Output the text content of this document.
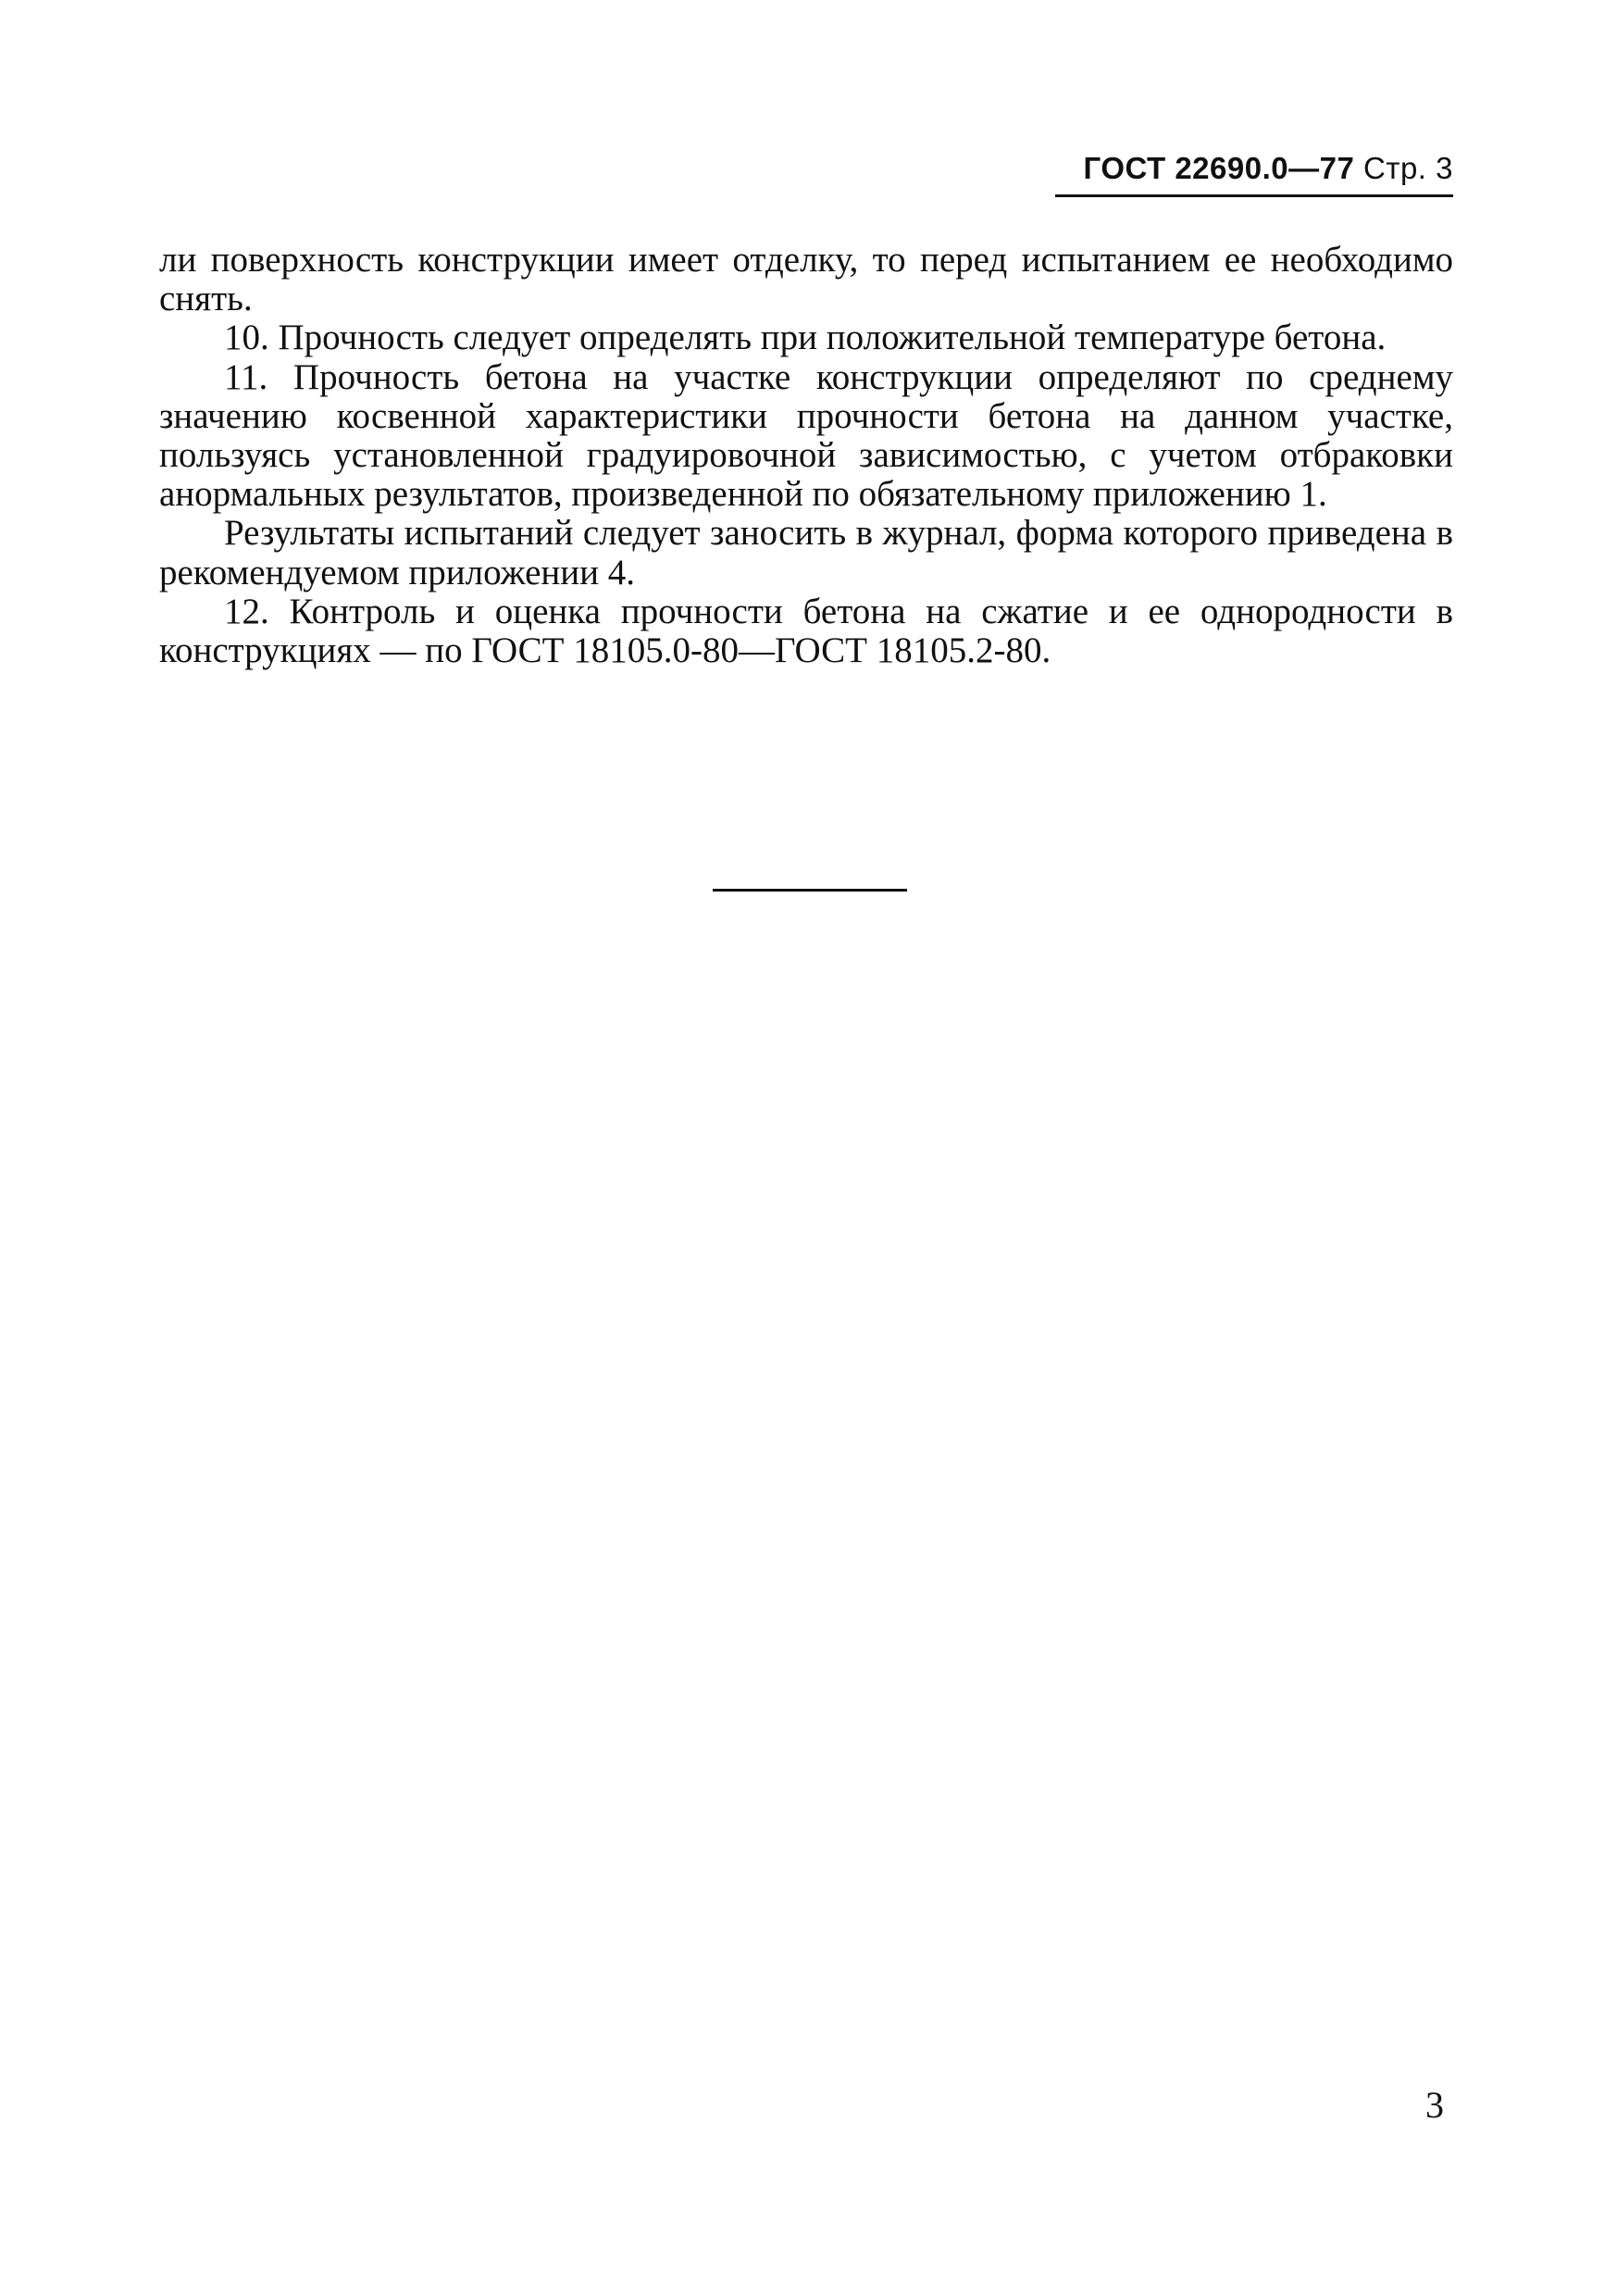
ГОСТ 22690.0—77 Стр. 3

ли поверхность конструкции имеет отделку, то перед испытанием ее необходимо снять.

10. Прочность следует определять при положительной температуре бетона.

11. Прочность бетона на участке конструкции определяют по среднему значению косвенной характеристики прочности бетона на данном участке, пользуясь установленной градуировочной зависимостью, с учетом отбраковки анормальных результатов, произведенной по обязательному приложению 1.

Результаты испытаний следует заносить в журнал, форма которого приведена в рекомендуемом приложении 4.

12. Контроль и оценка прочности бетона на сжатие и ее однородности в конструкциях — по ГОСТ 18105.0-80—ГОСТ 18105.2-80.

3
